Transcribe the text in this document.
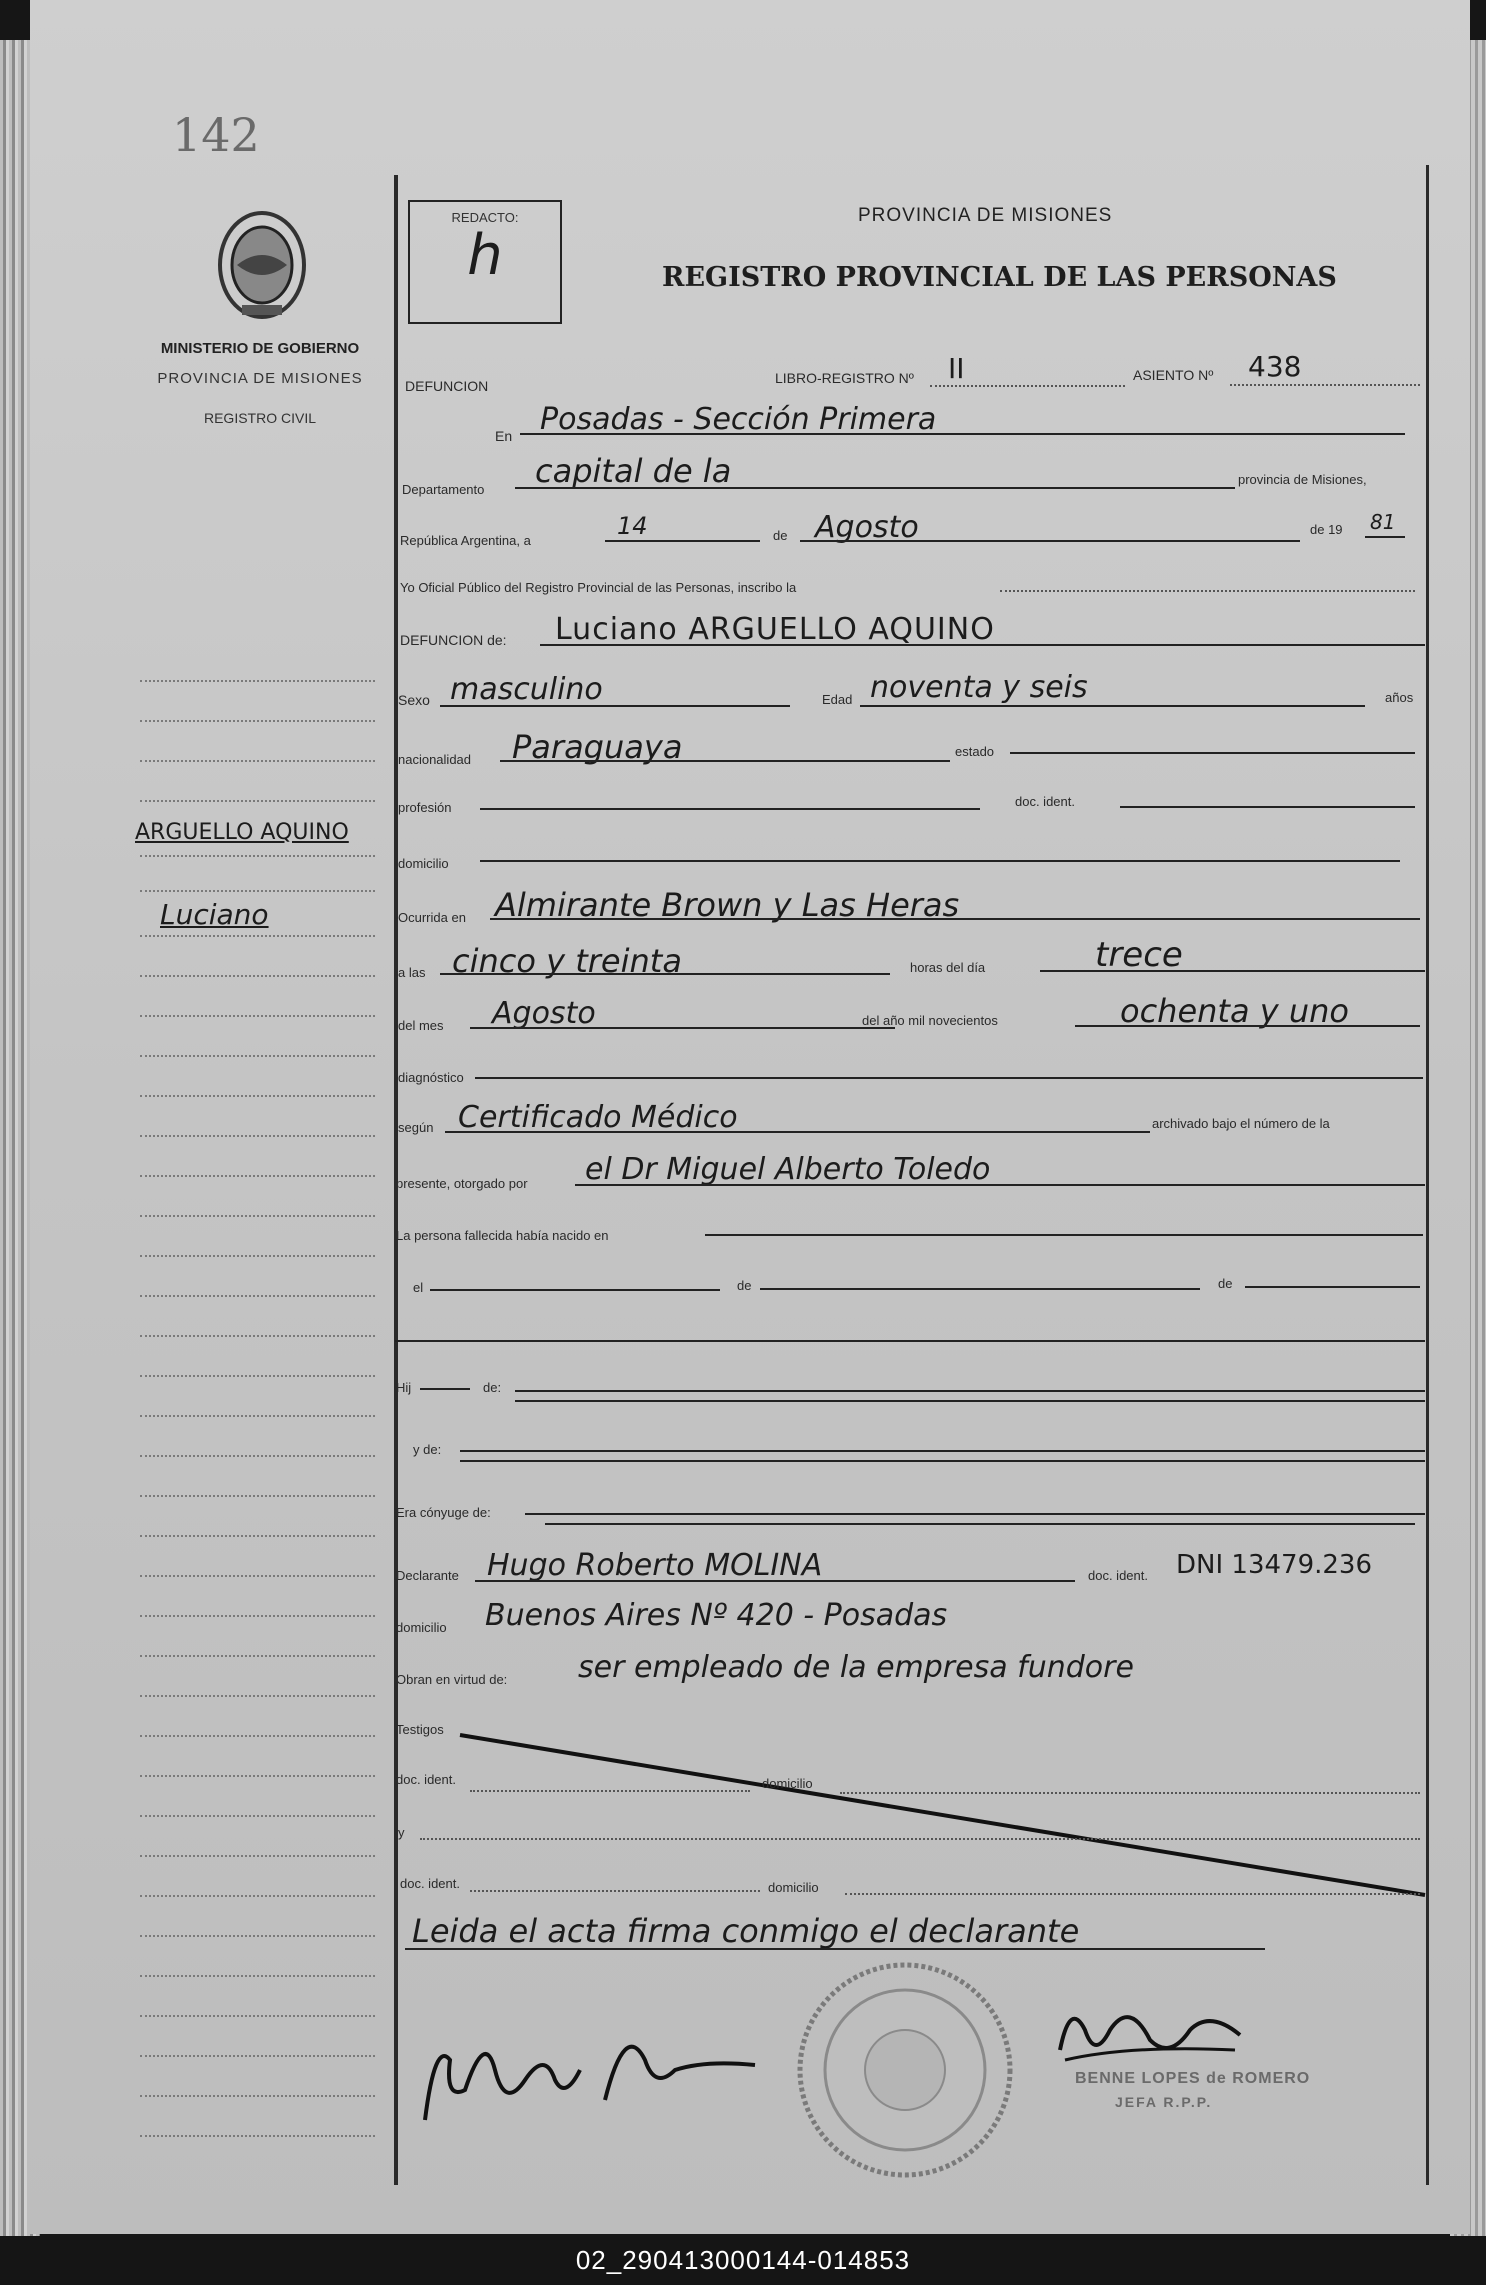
142
MINISTERIO DE GOBIERNO
PROVINCIA DE MISIONES
REGISTRO CIVIL
ARGUELLO AQUINO
Luciano
REDACTO:
ℎ
PROVINCIA DE MISIONES
REGISTRO PROVINCIAL DE LAS PERSONAS
DEFUNCION	LIBRO-REGISTRO Nº II	ASIENTO Nº 438
En Posadas - Sección Primera
Departamento capital de la	provincia de Misiones,
República Argentina, a
14	de Agosto	de 19 81
Yo Oficial Público del Registro Provincial de las Personas, inscribo la
DEFUNCION de: Luciano ARGUELLO AQUINO
Sexo masculino	Edad noventa y seis	años
nacionalidad Paraguaya	estado
profesión	doc. ident.
domicilio
Ocurrida en Almirante Brown y Las Heras
a las cinco y treinta	horas del día	trece
del mes Agosto	del año mil novecientos	ochenta y uno
diagnóstico
según Certificado Médico	archivado bajo el número de la
presente, otorgado por el Dr Miguel Alberto Toledo
La persona fallecida había nacido en
el	de	de
Hij	de:
y de:
Era cónyuge de:
Declarante Hugo Roberto MOLINA	doc. ident. DNI 13479.236
domicilio Buenos Aires Nº 420 - Posadas
Obran en virtud de: ser empleado de la empresa fundore
Testigos
doc. ident.	domicilio
y
doc. ident.	domicilio
Leida el acta firma conmigo el declarante
BENNE LOPES de ROMERO
JEFA R.P.P.
02_290413000144-014853
